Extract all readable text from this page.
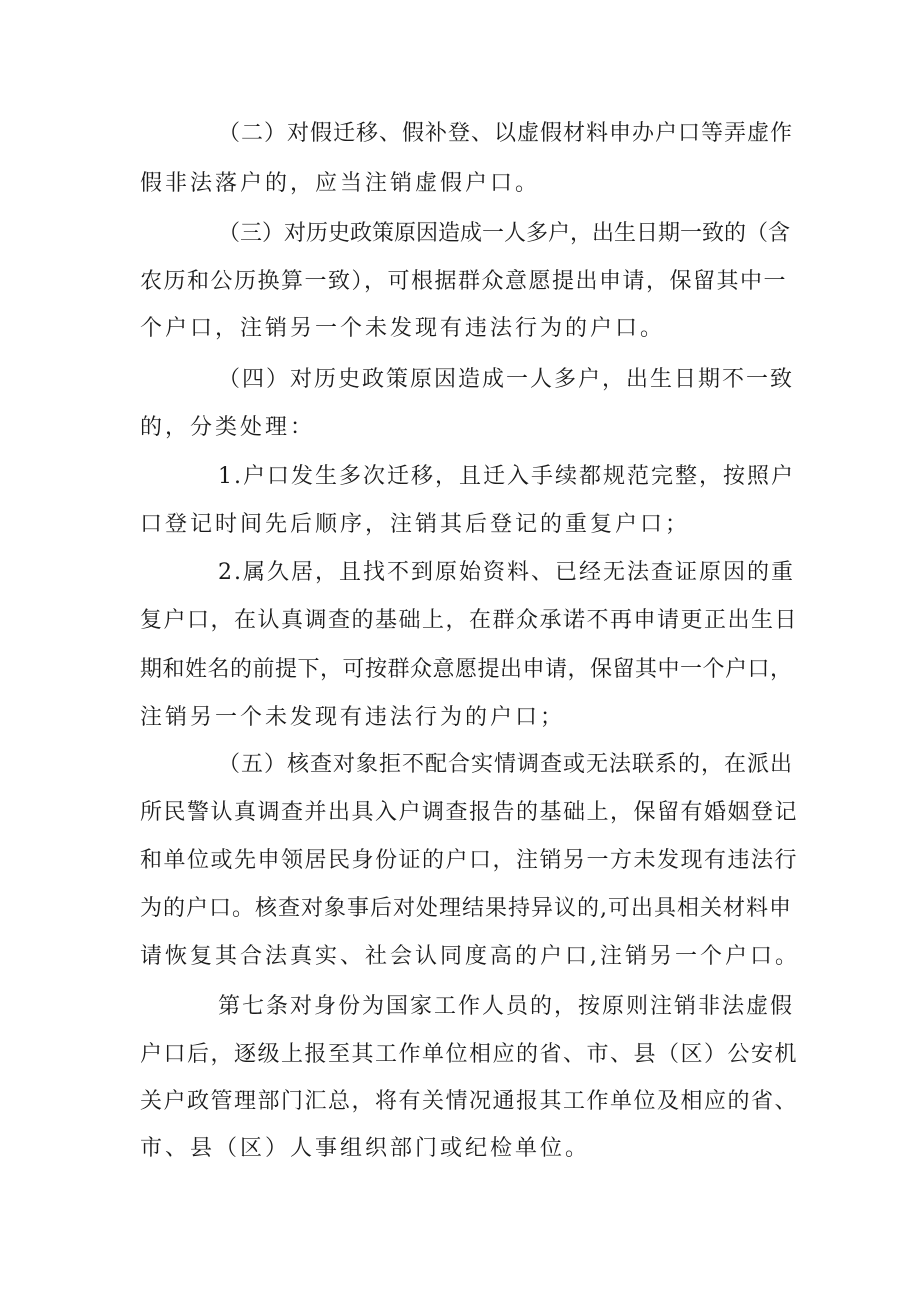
（二）对假迁移、假补登、以虚假材料申办户口等弄虚作
假非法落户的，应当注销虚假户口。
（三）对历史政策原因造成一人多户，出生日期一致的（含
农历和公历换算一致），可根据群众意愿提出申请，保留其中一
个户口，注销另一个未发现有违法行为的户口。
（四）对历史政策原因造成一人多户，出生日期不一致
的，分类处理：
1.户口发生多次迁移，且迁入手续都规范完整，按照户
口登记时间先后顺序，注销其后登记的重复户口；
2.属久居，且找不到原始资料、已经无法查证原因的重
复户口，在认真调查的基础上，在群众承诺不再申请更正出生日
期和姓名的前提下，可按群众意愿提出申请，保留其中一个户口，
注销另一个未发现有违法行为的户口；
（五）核查对象拒不配合实情调查或无法联系的，在派出
所民警认真调查并出具入户调查报告的基础上，保留有婚姻登记
和单位或先申领居民身份证的户口，注销另一方未发现有违法行
为的户口。核查对象事后对处理结果持异议的,可出具相关材料申
请恢复其合法真实、社会认同度高的户口,注销另一个户口。
第七条对身份为国家工作人员的，按原则注销非法虚假
户口后，逐级上报至其工作单位相应的省、市、县（区）公安机
关户政管理部门汇总，将有关情况通报其工作单位及相应的省、
市、县（区）人事组织部门或纪检单位。
